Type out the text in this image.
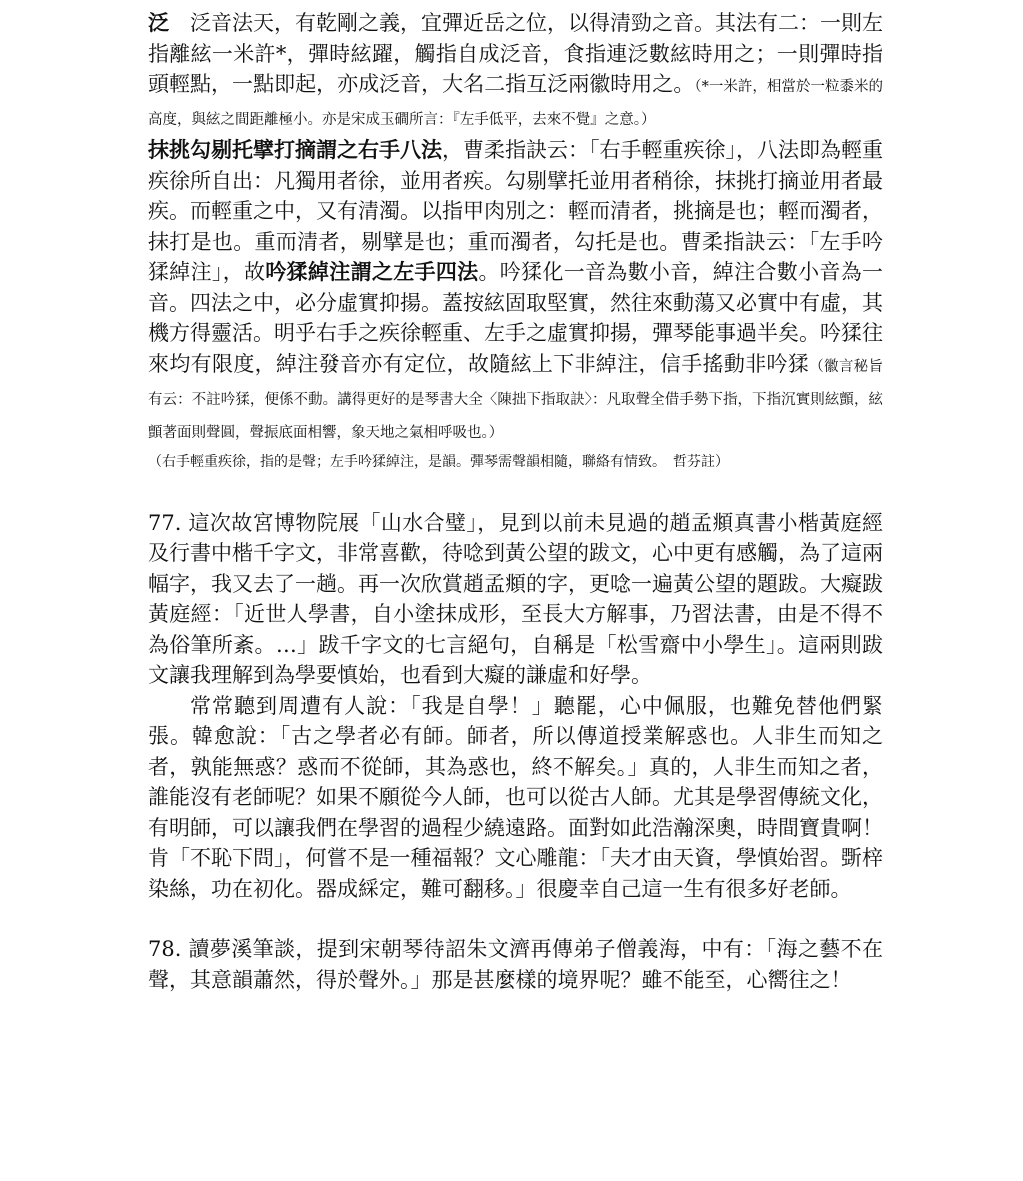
泛　泛音法天，有乾剛之義，宜彈近岳之位，以得清勁之音。其法有二：一則左指離絃一米許*，彈時絃躍，觸指自成泛音，食指連泛數絃時用之；一則彈時指頭輕點，一點即起，亦成泛音，大名二指互泛兩徽時用之。（*一米許，相當於一粒黍米的高度，與絃之間距離極小。亦是宋成玉磵所言：『左手低平，去來不覺』之意。）

抹挑勾剔托擘打摘謂之右手八法，曹柔指訣云：「右手輕重疾徐」，八法即為輕重疾徐所自出：凡獨用者徐，並用者疾。勾剔擘托並用者稍徐，抹挑打摘並用者最疾。而輕重之中，又有清濁。以指甲肉別之：輕而清者，挑摘是也；輕而濁者，抹打是也。重而清者，剔擘是也；重而濁者，勾托是也。曹柔指訣云：「左手吟猱綽注」，故吟猱綽注謂之左手四法。吟猱化一音為數小音，綽注合數小音為一音。四法之中，必分虛實抑揚。蓋按絃固取堅實，然往來動蕩又必實中有虛，其機方得靈活。明乎右手之疾徐輕重、左手之虛實抑揚，彈琴能事過半矣。吟猱往來均有限度，綽注發音亦有定位，故隨絃上下非綽注，信手搖動非吟猱（徽言秘旨有云：不註吟猱，便係不動。講得更好的是琴書大全〈陳拙下指取訣〉：凡取聲全借手勢下指，下指沉實則絃顫，絃顫著面則聲圓，聲振底面相響，象天地之氣相呼吸也。）

（右手輕重疾徐，指的是聲；左手吟猱綽注，是韻。彈琴需聲韻相隨，聯絡有情致。　哲芬註）

77. 這次故宮博物院展「山水合璧」，見到以前未見過的趙孟頫真書小楷黃庭經及行書中楷千字文，非常喜歡，待唸到黃公望的跋文，心中更有感觸，為了這兩幅字，我又去了一趟。再一次欣賞趙孟頫的字，更唸一遍黃公望的題跋。大癡跋黃庭經：「近世人學書，自小塗抹成形，至長大方解事，乃習法書，由是不得不為俗筆所紊。…」跋千字文的七言絕句，自稱是「松雪齋中小學生」。這兩則跋文讓我理解到為學要慎始，也看到大癡的謙虛和好學。

常常聽到周遭有人說：「我是自學！」聽罷，心中佩服，也難免替他們緊張。韓愈說：「古之學者必有師。師者，所以傳道授業解惑也。人非生而知之者，孰能無惑？惑而不從師，其為惑也，終不解矣。」真的，人非生而知之者，誰能沒有老師呢？如果不願從今人師，也可以從古人師。尤其是學習傳統文化，有明師，可以讓我們在學習的過程少繞遠路。面對如此浩瀚深奧，時間寶貴啊！肯「不恥下問」，何嘗不是一種福報？文心雕龍：「夫才由天資，學慎始習。斲梓染絲，功在初化。器成綵定，難可翻移。」很慶幸自己這一生有很多好老師。

78. 讀夢溪筆談，提到宋朝琴待詔朱文濟再傳弟子僧義海，中有：「海之藝不在聲，其意韻蕭然，得於聲外。」那是甚麼樣的境界呢？雖不能至，心嚮往之！
